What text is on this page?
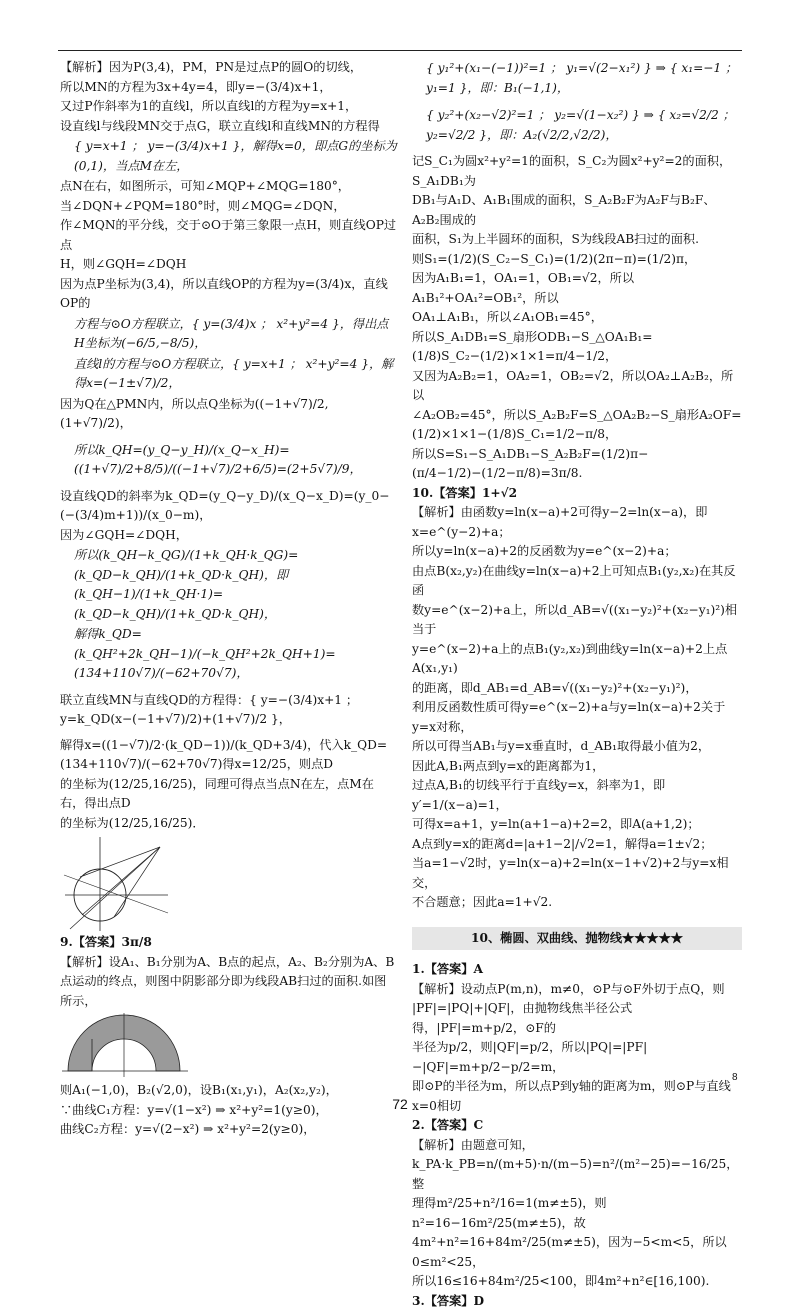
【解析】因为P(3,4)，PM，PN是过点P的圆O的切线，

所以MN的方程为3x+4y=4，即y=−(3/4)x+1，

又过P作斜率为1的直线l，所以直线l的方程为y=x+1，

设直线l与线段MN交于点G，联立直线l和直线MN的方程得

{ y=x+1 ； y=−(3/4)x+1 }，解得x=0，即点G的坐标为(0,1)，当点M在左，

点N在右，如图所示，可知∠MQP+∠MQG=180°，

当∠DQN+∠PQM=180°时，则∠MQG=∠DQN，

作∠MQN的平分线，交于⊙O于第三象限一点H，则直线OP过点

H，则∠GQH=∠DQH

因为点P坐标为(3,4)，所以直线OP的方程为y=(3/4)x，直线OP的

方程与⊙O方程联立，{ y=(3/4)x ； x²+y²=4 }，得出点H坐标为(−6/5,−8/5)，

直线l的方程与⊙O方程联立，{ y=x+1 ； x²+y²=4 }，解得x=(−1±√7)/2，

因为Q在△PMN内，所以点Q坐标为((−1+√7)/2,(1+√7)/2)，

所以k_QH=(y_Q−y_H)/(x_Q−x_H)=((1+√7)/2+8/5)/((−1+√7)/2+6/5)=(2+5√7)/9，

设直线QD的斜率为k_QD=(y_Q−y_D)/(x_Q−x_D)=(y_0−(−(3/4)m+1))/(x_0−m)，

因为∠GQH=∠DQH，

所以(k_QH−k_QG)/(1+k_QH·k_QG)=(k_QD−k_QH)/(1+k_QD·k_QH)，即(k_QH−1)/(1+k_QH·1)=(k_QD−k_QH)/(1+k_QD·k_QH)，

解得k_QD=(k_QH²+2k_QH−1)/(−k_QH²+2k_QH+1)=(134+110√7)/(−62+70√7)，

联立直线MN与直线QD的方程得：{ y=−(3/4)x+1 ； y=k_QD(x−(−1+√7)/2)+(1+√7)/2 }，

解得x=((1−√7)/2·(k_QD−1))/(k_QD+3/4)，代入k_QD=(134+110√7)/(−62+70√7)得x=12/25，则点D

的坐标为(12/25,16/25)，同理可得点当点N在左，点M在右，得出点D

的坐标为(12/25,16/25)．

9.【答案】3π/8

【解析】设A₁、B₁分别为A、B点的起点，A₂、B₂分别为A、B点运动的终点，则图中阴影部分即为线段AB扫过的面积.如图所示，

则A₁(−1,0)，B₂(√2,0)，设B₁(x₁,y₁)，A₂(x₂,y₂)，

∵曲线C₁方程：y=√(1−x²) ⇒ x²+y²=1(y≥0)，

曲线C₂方程：y=√(2−x²) ⇒ x²+y²=2(y≥0)，

{ y₁²+(x₁−(−1))²=1 ； y₁=√(2−x₁²) } ⇒ { x₁=−1 ； y₁=1 }，即：B₁(−1,1)，

{ y₂²+(x₂−√2)²=1 ； y₂=√(1−x₂²) } ⇒ { x₂=√2/2 ； y₂=√2/2 }，即：A₂(√2/2,√2/2)，

记S_C₁为圆x²+y²=1的面积，S_C₂为圆x²+y²=2的面积，S_A₁DB₁为

DB₁与A₁D、A₁B₁围成的面积，S_A₂B₂F为A₂F与B₂F、A₂B₂围成的

面积，S₁为上半圆环的面积，S为线段AB扫过的面积.

则S₁=(1/2)(S_C₂−S_C₁)=(1/2)(2π−π)=(1/2)π，

因为A₁B₁=1，OA₁=1，OB₁=√2，所以A₁B₁²+OA₁²=OB₁²，所以

OA₁⊥A₁B₁，所以∠A₁OB₁=45°，

所以S_A₁DB₁=S_扇形ODB₁−S_△OA₁B₁=(1/8)S_C₂−(1/2)×1×1=π/4−1/2，

又因为A₂B₂=1，OA₂=1，OB₂=√2，所以OA₂⊥A₂B₂，所以

∠A₂OB₂=45°，所以S_A₂B₂F=S_△OA₂B₂−S_扇形A₂OF=(1/2)×1×1−(1/8)S_C₁=1/2−π/8，

所以S=S₁−S_A₁DB₁−S_A₂B₂F=(1/2)π−(π/4−1/2)−(1/2−π/8)=3π/8.

10.【答案】1+√2

【解析】由函数y=ln(x−a)+2可得y−2=ln(x−a)，即x=e^(y−2)+a；

所以y=ln(x−a)+2的反函数为y=e^(x−2)+a；

由点B(x₂,y₂)在曲线y=ln(x−a)+2上可知点B₁(y₂,x₂)在其反函

数y=e^(x−2)+a上，所以d_AB=√((x₁−y₂)²+(x₂−y₁)²)相当于

y=e^(x−2)+a上的点B₁(y₂,x₂)到曲线y=ln(x−a)+2上点A(x₁,y₁)

的距离，即d_AB₁=d_AB=√((x₁−y₂)²+(x₂−y₁)²)，

利用反函数性质可得y=e^(x−2)+a与y=ln(x−a)+2关于y=x对称，

所以可得当AB₁与y=x垂直时，d_AB₁取得最小值为2，

因此A,B₁两点到y=x的距离都为1，

过点A,B₁的切线平行于直线y=x，斜率为1，即y′=1/(x−a)=1，

可得x=a+1，y=ln(a+1−a)+2=2，即A(a+1,2)；

A点到y=x的距离d=|a+1−2|/√2=1，解得a=1±√2；

当a=1−√2时，y=ln(x−a)+2=ln(x−1+√2)+2与y=x相交，

不合题意；因此a=1+√2.

10、椭圆、双曲线、抛物线★★★★★

1.【答案】A

【解析】设动点P(m,n)，m≠0，⊙P与⊙F外切于点Q，则

|PF|=|PQ|+|QF|，由抛物线焦半径公式得，|PF|=m+p/2，⊙F的

半径为p/2，则|QF|=p/2，所以|PQ|=|PF|−|QF|=m+p/2−p/2=m，

即⊙P的半径为m，所以点P到y轴的距离为m，则⊙P与直线

x=0相切

2.【答案】C

【解析】由题意可知，k_PA·k_PB=n/(m+5)·n/(m−5)=n²/(m²−25)=−16/25，整

理得m²/25+n²/16=1(m≠±5)，则n²=16−16m²/25(m≠±5)，故

4m²+n²=16+84m²/25(m≠±5)，因为−5<m<5，所以0≤m²<25，

所以16≤16+84m²/25<100，即4m²+n²∈[16,100).

3.【答案】D

8
72
